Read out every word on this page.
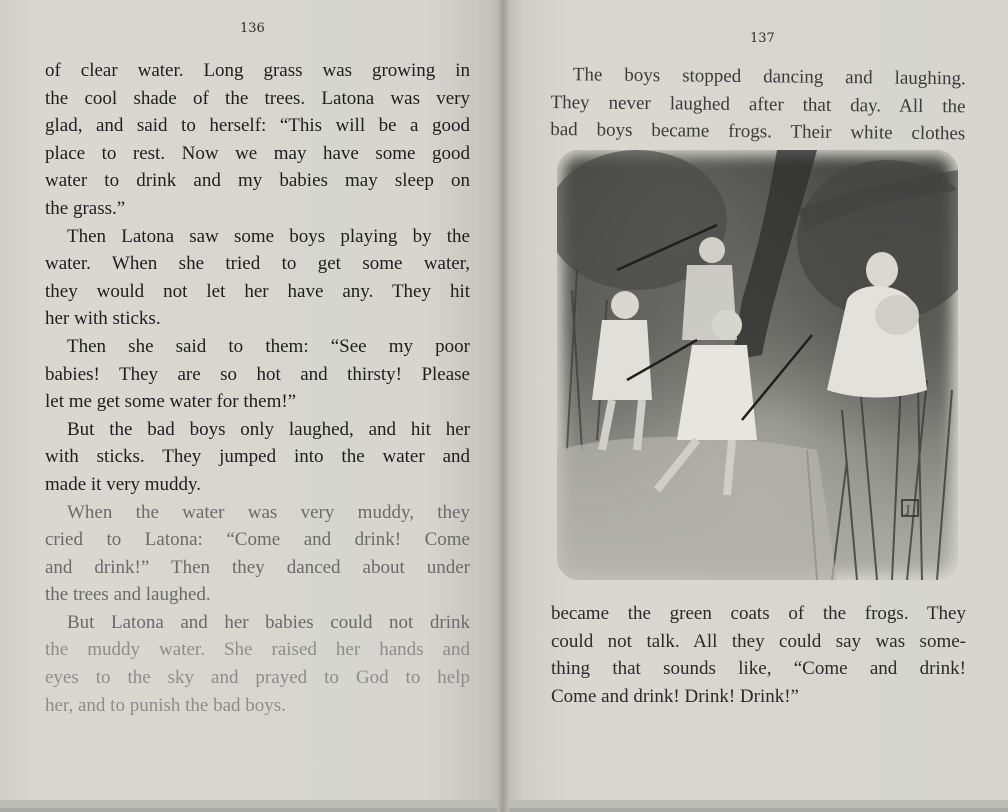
136
137
of clear water. Long grass was growing in
the cool shade of the trees. Latona was very
glad, and said to herself: “This will be a good
place to rest. Now we may have some good
water to drink and my babies may sleep on
the grass.”
Then Latona saw some boys playing by the
water. When she tried to get some water,
they would not let her have any. They hit
her with sticks.
Then she said to them: “See my poor
babies! They are so hot and thirsty! Please
let me get some water for them!”
But the bad boys only laughed, and hit her
with sticks. They jumped into the water and
made it very muddy.
When the water was very muddy, they
cried to Latona: “Come and drink! Come
and drink!” Then they danced about under
the trees and laughed.
But Latona and her babies could not drink
the muddy water. She raised her hands and
eyes to the sky and prayed to God to help
her, and to punish the bad boys.
The boys stopped dancing and laughing.
They never laughed after that day. All the
bad boys became frogs. Their white clothes
J
became the green coats of the frogs. They
could not talk. All they could say was some-
thing that sounds like, “Come and drink!
Come and drink! Drink! Drink!”
